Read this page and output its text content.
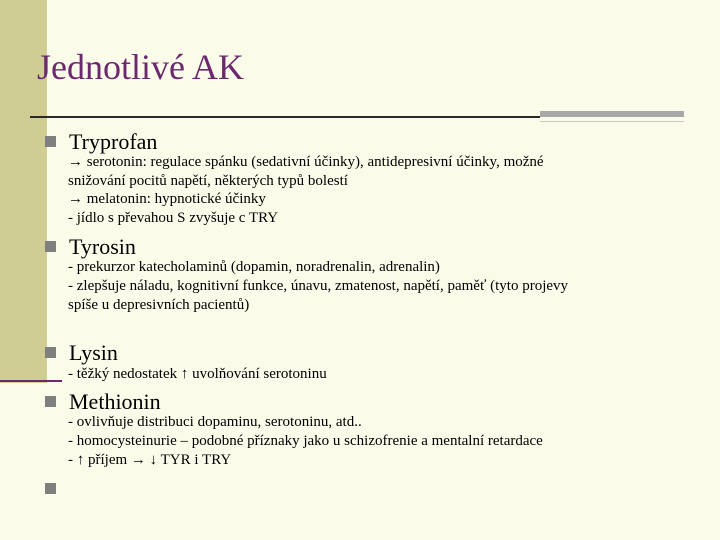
Jednotlivé AK
Tryprofan
→ serotonin: regulace spánku (sedativní účinky), antidepresivní účinky, možné
snižování pocitů napětí, některých typů bolestí
→ melatonin: hypnotické účinky
- jídlo s převahou S zvyšuje c TRY
Tyrosin
- prekurzor katecholaminů (dopamin, noradrenalin, adrenalin)
- zlepšuje náladu, kognitivní funkce, únavu, zmatenost, napětí, paměť (tyto projevy
spíše u depresivních pacientů)
Lysin
- těžký nedostatek ↑ uvolňování serotoninu
Methionin
- ovlivňuje distribuci dopaminu, serotoninu, atd..
- homocysteinurie – podobné příznaky jako u schizofrenie a mentalní retardace
- ↑ příjem → ↓ TYR i TRY
